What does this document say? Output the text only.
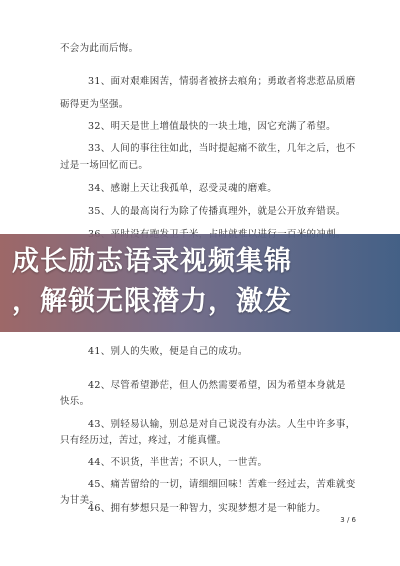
不会为此而后悔。
31、面对艰难困苦，情弱者被挤去痕角；勇敢者将悲惹品质磨
砺得更为坚强。
32、明天是世上增值最快的一块土地，因它充满了希望。
33、人间的事往往如此，当时提起痛不欲生，几年之后，也不
过是一场回忆而已。
34、感谢上天让我孤单，忍受灵魂的磨难。
35、人的最高岗行为除了传播真理外，就是公开放弃错误。
41、别人的失败，便是自己的成功。
42、尽管希望渺茫，但人仍然需要希望，因为希望本身就是
快乐。
43、别轻易认输，别总是对自己说没有办法。人生中许多事，
只有经历过，苦过，疼过，才能真懂。
44、不识货，半世苦；不识人，一世苦。
45、痛苦留给的一切，请细细回味！苦难一经过去，苦难就变
为甘美。
46、拥有梦想只是一种智力，实现梦想才是一种能力。
3 / 6
成长励志语录视频集锦
，解锁无限潜力，激发
